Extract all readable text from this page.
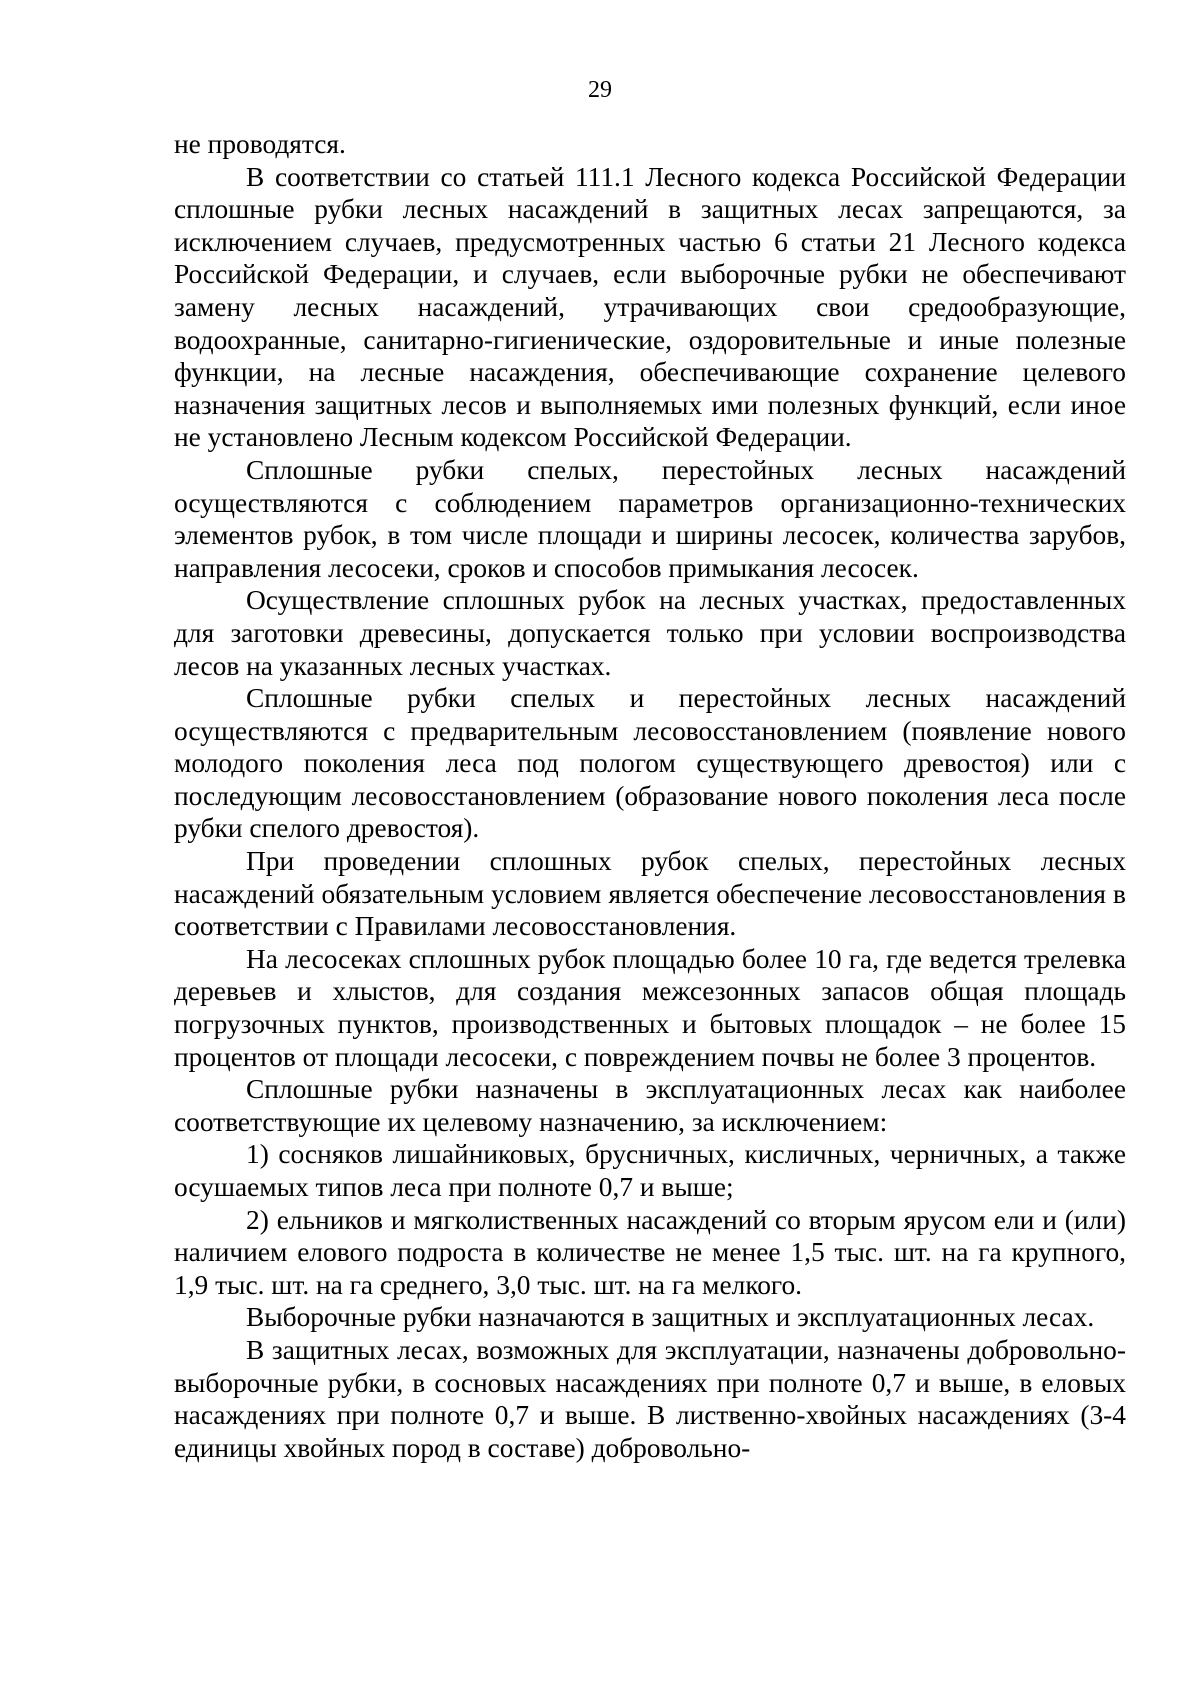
29

не проводятся.

В соответствии со статьей 111.1 Лесного кодекса Российской Федерации сплошные рубки лесных насаждений в защитных лесах запрещаются, за исключением случаев, предусмотренных частью 6 статьи 21 Лесного кодекса Российской Федерации, и случаев, если выборочные рубки не обеспечивают замену лесных насаждений, утрачивающих свои средообразующие, водоохранные, санитарно-гигиенические, оздоровительные и иные полезные функции, на лесные насаждения, обеспечивающие сохранение целевого назначения защитных лесов и выполняемых ими полезных функций, если иное не установлено Лесным кодексом Российской Федерации.

Сплошные рубки спелых, перестойных лесных насаждений осуществляются с соблюдением параметров организационно-технических элементов рубок, в том числе площади и ширины лесосек, количества зарубов, направления лесосеки, сроков и способов примыкания лесосек.

Осуществление сплошных рубок на лесных участках, предоставленных для заготовки древесины, допускается только при условии воспроизводства лесов на указанных лесных участках.

Сплошные рубки спелых и перестойных лесных насаждений осуществляются с предварительным лесовосстановлением (появление нового молодого поколения леса под пологом существующего древостоя) или с последующим лесовосстановлением (образование нового поколения леса после рубки спелого древостоя).

При проведении сплошных рубок спелых, перестойных лесных насаждений обязательным условием является обеспечение лесовосстановления в соответствии с Правилами лесовосстановления.

На лесосеках сплошных рубок площадью более 10 га, где ведется трелевка деревьев и хлыстов, для создания межсезонных запасов общая площадь погрузочных пунктов, производственных и бытовых площадок – не более 15 процентов от площади лесосеки, с повреждением почвы не более 3 процентов.

Сплошные рубки назначены в эксплуатационных лесах как наиболее соответствующие их целевому назначению, за исключением:

1) сосняков лишайниковых, брусничных, кисличных, черничных, а также осушаемых типов леса при полноте 0,7 и выше;

2) ельников и мягколиственных насаждений со вторым ярусом ели и (или) наличием елового подроста в количестве не менее 1,5 тыс. шт. на га крупного, 1,9 тыс. шт. на га среднего, 3,0 тыс. шт. на га мелкого.

Выборочные рубки назначаются в защитных и эксплуатационных лесах.

В защитных лесах, возможных для эксплуатации, назначены добровольно-выборочные рубки, в сосновых насаждениях при полноте 0,7 и выше, в еловых насаждениях при полноте 0,7 и выше. В лиственно-хвойных насаждениях (3-4 единицы хвойных пород в составе) добровольно-
